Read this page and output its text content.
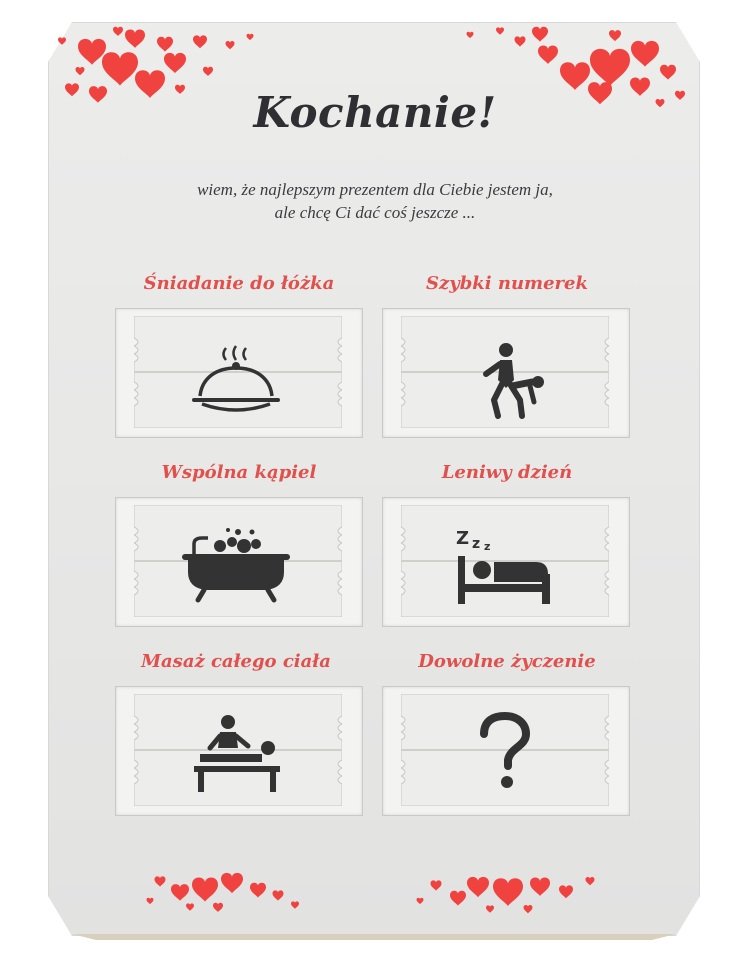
Kochanie!
wiem, że najlepszym prezentem dla Ciebie jestem ja,
ale chcę Ci dać coś jeszcze ...
Śniadanie do łóżka	Szybki numerek
Wspólna kąpiel	Leniwy dzień
Z z z
Masaż całego ciała	Dowolne życzenie
